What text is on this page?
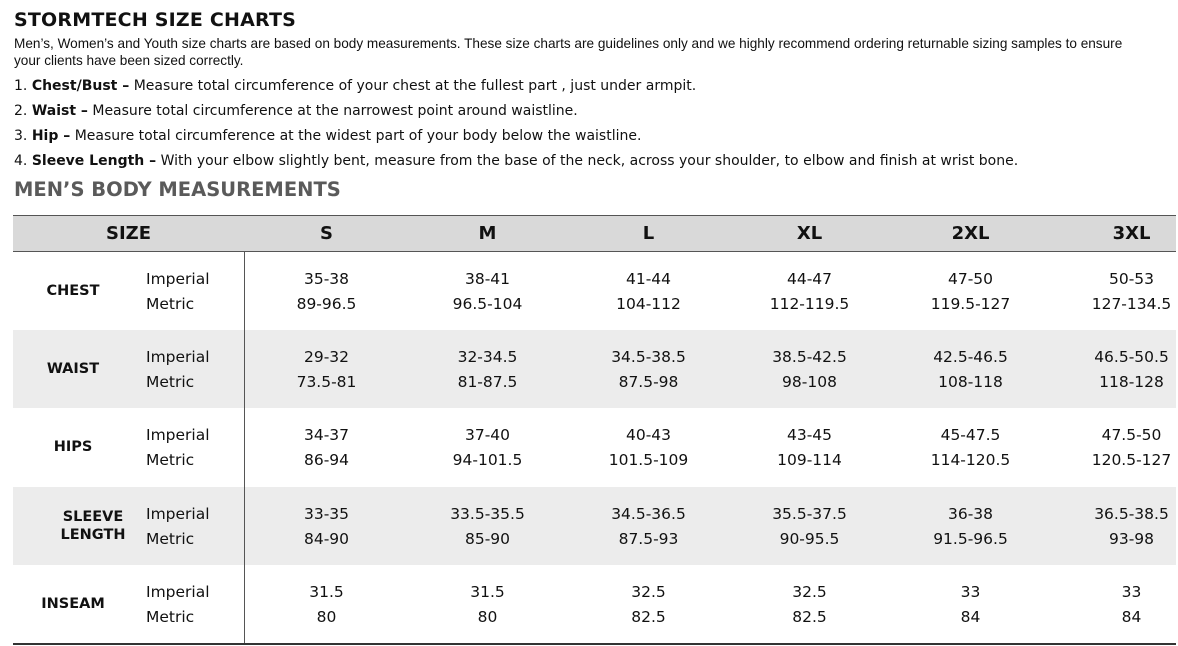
STORMTECH SIZE CHARTS

Men’s, Women’s and Youth size charts are based on body measurements. These size charts are guidelines only and we highly recommend ordering returnable sizing samples to ensure your clients have been sized correctly.

1. Chest/Bust – Measure total circumference of your chest at the fullest part , just under armpit.

2. Waist – Measure total circumference at the narrowest point around waistline.

3. Hip – Measure total circumference at the widest part of your body below the waistline.

4. Sleeve Length – With your elbow slightly bent, measure from the base of the neck, across your shoulder, to elbow and finish at wrist bone.

MEN’S BODY MEASUREMENTS
SIZE	S	M	L	XL	2XL	3XL
CHEST
Imperial	35-38	38-41	41-44	44-47	47-50	50-53
Metric	89-96.5	96.5-104	104-112	112-119.5	119.5-127	127-134.5
WAIST
Imperial	29-32	32-34.5	34.5-38.5	38.5-42.5	42.5-46.5	46.5-50.5
Metric	73.5-81	81-87.5	87.5-98	98-108	108-118	118-128
HIPS
Imperial	34-37	37-40	40-43	43-45	45-47.5	47.5-50
Metric	86-94	94-101.5	101.5-109	109-114	114-120.5	120.5-127
SLEEVE LENGTH
Imperial	33-35	33.5-35.5	34.5-36.5	35.5-37.5	36-38	36.5-38.5
Metric	84-90	85-90	87.5-93	90-95.5	91.5-96.5	93-98
INSEAM
Imperial	31.5	31.5	32.5	32.5	33	33
Metric	80	80	82.5	82.5	84	84
